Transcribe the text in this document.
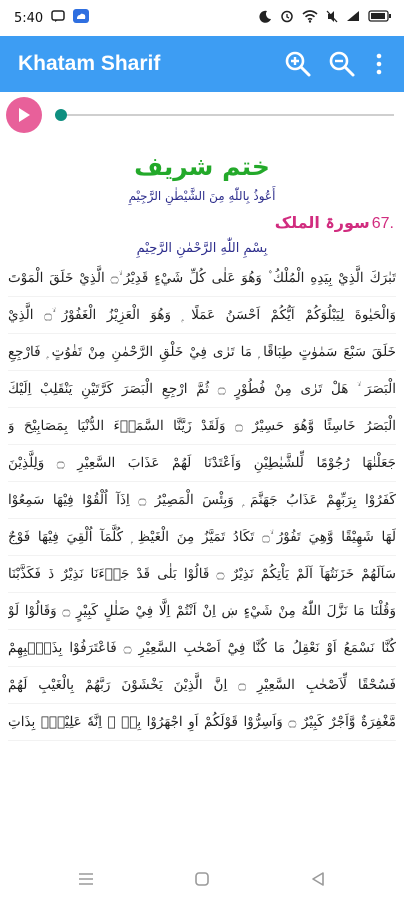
5:40
Khatam Sharif
ختم شریف
أَعُوذُ بِاللّٰهِ مِنَ الشَّيْطٰنِ الرَّجِيْمِ
سورۃ الملک 67.
بِسْمِ اللّٰهِ الرَّحْمٰنِ الرَّحِيْمِ
تَبٰرَكَ الَّذِيْ بِيَدِهِ الْمُلْكُ ۫ وَهُوَ عَلٰى كُلِّ شَيْءٍ قَدِيْرُ ۙ۝ الَّذِيْ خَلَقَ الْمَوْتَ
وَالْحَيٰوةَ لِيَبْلُوَكُمْ اَيُّكُمْ اَحْسَنُ عَمَلًا ۭ وَهُوَ الْعَزِيْزُ الْغَفُوْرُ ۙ۝ الَّذِيْ
خَلَقَ سَبْعَ سَمٰوٰتٍ طِبَاقًا ۭ مَا تَرٰى فِيْ خَلْقِ الرَّحْمٰنِ مِنْ تَفٰوُتٍ ۭ فَارْجِعِ
الْبَصَرَ ۙ هَلْ تَرٰى مِنْ فُطُوْرٍ ۝ ثُمَّ ارْجِعِ الْبَصَرَ كَرَّتَيْنِ يَنْقَلِبْ اِلَيْكَ
الْبَصَرُ خَاسِئًا وَّهُوَ حَسِيْرٌ ۝ وَلَقَدْ زَيَّنَّا السَّمَاۗءَ الدُّنْيَا بِمَصَابِيْحَ وَ
جَعَلْنٰهَا رُجُوْمًا لِّلشَّيٰطِيْنِ وَاَعْتَدْنَا لَهُمْ عَذَابَ السَّعِيْرِ ۝ وَلِلَّذِيْنَ
كَفَرُوْا بِرَبِّهِمْ عَذَابُ جَهَنَّمَ ۭ وَبِئْسَ الْمَصِيْرُ ۝ اِذَآ اُلْقُوْا فِيْهَا سَمِعُوْا
لَهَا شَهِيْقًا وَّهِيَ تَفُوْرُ ۙ۝ تَكَادُ تَمَيَّزُ مِنَ الْغَيْظِ ۭ كُلَّمَآ اُلْقِيَ فِيْهَا فَوْجٌ
سَاَلَهُمْ خَزَنَتُهَآ اَلَمْ يَاْتِكُمْ نَذِيْرٌ ۝ قَالُوْا بَلٰى قَدْ جَاۗءَنَا نَذِيْرٌ ڏ فَكَذَّبْنَا
وَقُلْنَا مَا نَزَّلَ اللّٰهُ مِنْ شَيْءٍ ښ اِنْ اَنْتُمْ اِلَّا فِيْ ضَلٰلٍ كَبِيْرٍ ۝ وَقَالُوْا لَوْ
كُنَّا نَسْمَعُ اَوْ نَعْقِلُ مَا كُنَّا فِيْٓ اَصْحٰبِ السَّعِيْرِ ۝ فَاعْتَرَفُوْا بِذَنْۢبِهِمْ
فَسُحْقًا لِّاَصْحٰبِ السَّعِيْرِ ۝ اِنَّ الَّذِيْنَ يَخْشَوْنَ رَبَّهُمْ بِالْغَيْبِ لَهُمْ
مَّغْفِرَةٌ وَّاَجْرٌ كَبِيْرٌ ۝ وَاَسِرُّوْا قَوْلَكُمْ اَوِ اجْهَرُوْا بِهٖ ۭ اِنَّهٗ عَلِيْمٌۢ بِذَاتِ
